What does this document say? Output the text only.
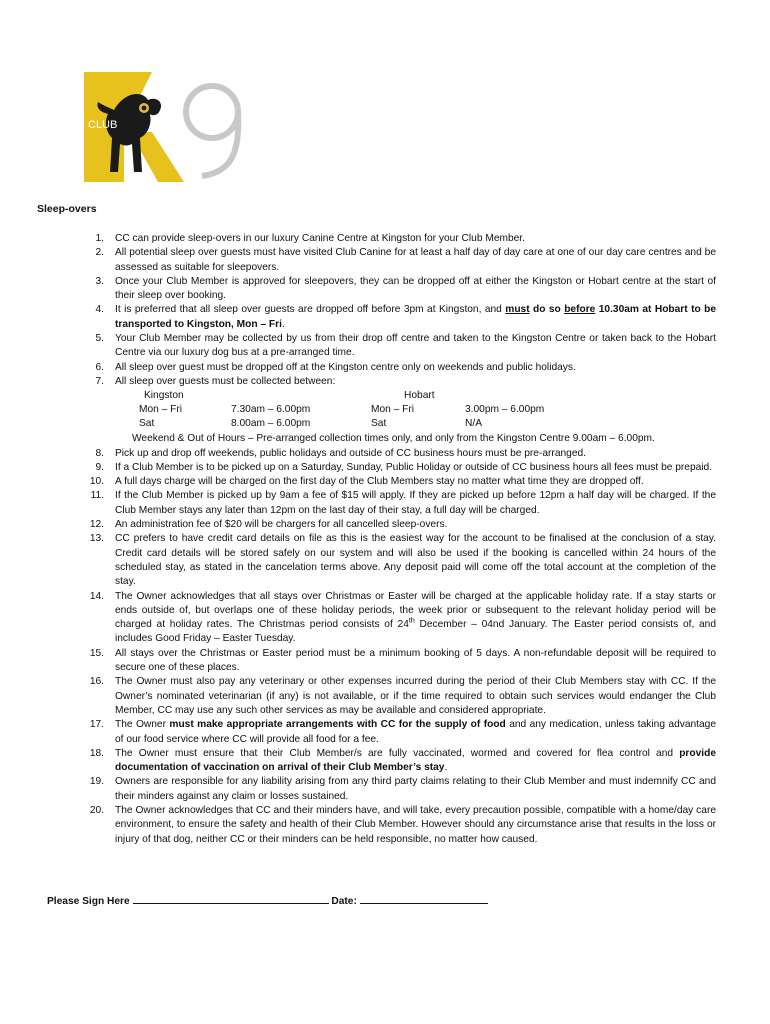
CLUB
Sleep-overs
1. CC can provide sleep-overs in our luxury Canine Centre at Kingston for your Club Member.
2. All potential sleep over guests must have visited Club Canine for at least a half day of day care at one of our day care centres and be assessed as suitable for sleepovers.
3. Once your Club Member is approved for sleepovers, they can be dropped off at either the Kingston or Hobart centre at the start of their sleep over booking.
4. It is preferred that all sleep over guests are dropped off before 3pm at Kingston, and must do so before 10.30am at Hobart to be transported to Kingston, Mon – Fri.
5. Your Club Member may be collected by us from their drop off centre and taken to the Kingston Centre or taken back to the Hobart Centre via our luxury dog bus at a pre-arranged time.
6. All sleep over guest must be dropped off at the Kingston centre only on weekends and public holidays.
7. All sleep over guests must be collected between:
Kingston	Hobart
Mon – Fri	7.30am – 6.00pm	Mon – Fri	3.00pm – 6.00pm
Sat	8.00am – 6.00pm	Sat	N/A
Weekend & Out of Hours – Pre-arranged collection times only, and only from the Kingston Centre 9.00am – 6.00pm.
8. Pick up and drop off weekends, public holidays and outside of CC business hours must be pre-arranged.
9. If a Club Member is to be picked up on a Saturday, Sunday, Public Holiday or outside of CC business hours all fees must be prepaid.
10. A full days charge will be charged on the first day of the Club Members stay no matter what time they are dropped off.
11. If the Club Member is picked up by 9am a fee of $15 will apply. If they are picked up before 12pm a half day will be charged. If the Club Member stays any later than 12pm on the last day of their stay, a full day will be charged.
12. An administration fee of $20 will be chargers for all cancelled sleep-overs.
13. CC prefers to have credit card details on file as this is the easiest way for the account to be finalised at the conclusion of a stay. Credit card details will be stored safely on our system and will also be used if the booking is cancelled within 24 hours of the scheduled stay, as stated in the cancelation terms above. Any deposit paid will come off the total account at the completion of the stay.
14. The Owner acknowledges that all stays over Christmas or Easter will be charged at the applicable holiday rate. If a stay starts or ends outside of, but overlaps one of these holiday periods, the week prior or subsequent to the relevant holiday period will be charged at holiday rates. The Christmas period consists of 24th December – 04nd January. The Easter period consists of, and includes Good Friday – Easter Tuesday.
15. All stays over the Christmas or Easter period must be a minimum booking of 5 days. A non-refundable deposit will be required to secure one of these places.
16. The Owner must also pay any veterinary or other expenses incurred during the period of their Club Members stay with CC. If the Owner’s nominated veterinarian (if any) is not available, or if the time required to obtain such services would endanger the Club Member, CC may use any such other services as may be available and considered appropriate.
17. The Owner must make appropriate arrangements with CC for the supply of food and any medication, unless taking advantage of our food service where CC will provide all food for a fee.
18. The Owner must ensure that their Club Member/s are fully vaccinated, wormed and covered for flea control and provide documentation of vaccination on arrival of their Club Member’s stay.
19. Owners are responsible for any liability arising from any third party claims relating to their Club Member and must indemnify CC and their minders against any claim or losses sustained.
20. The Owner acknowledges that CC and their minders have, and will take, every precaution possible, compatible with a home/day care environment, to ensure the safety and health of their Club Member. However should any circumstance arise that results in the loss or injury of that dog, neither CC or their minders can be held responsible, no matter how caused.
Please Sign Here	Date:
